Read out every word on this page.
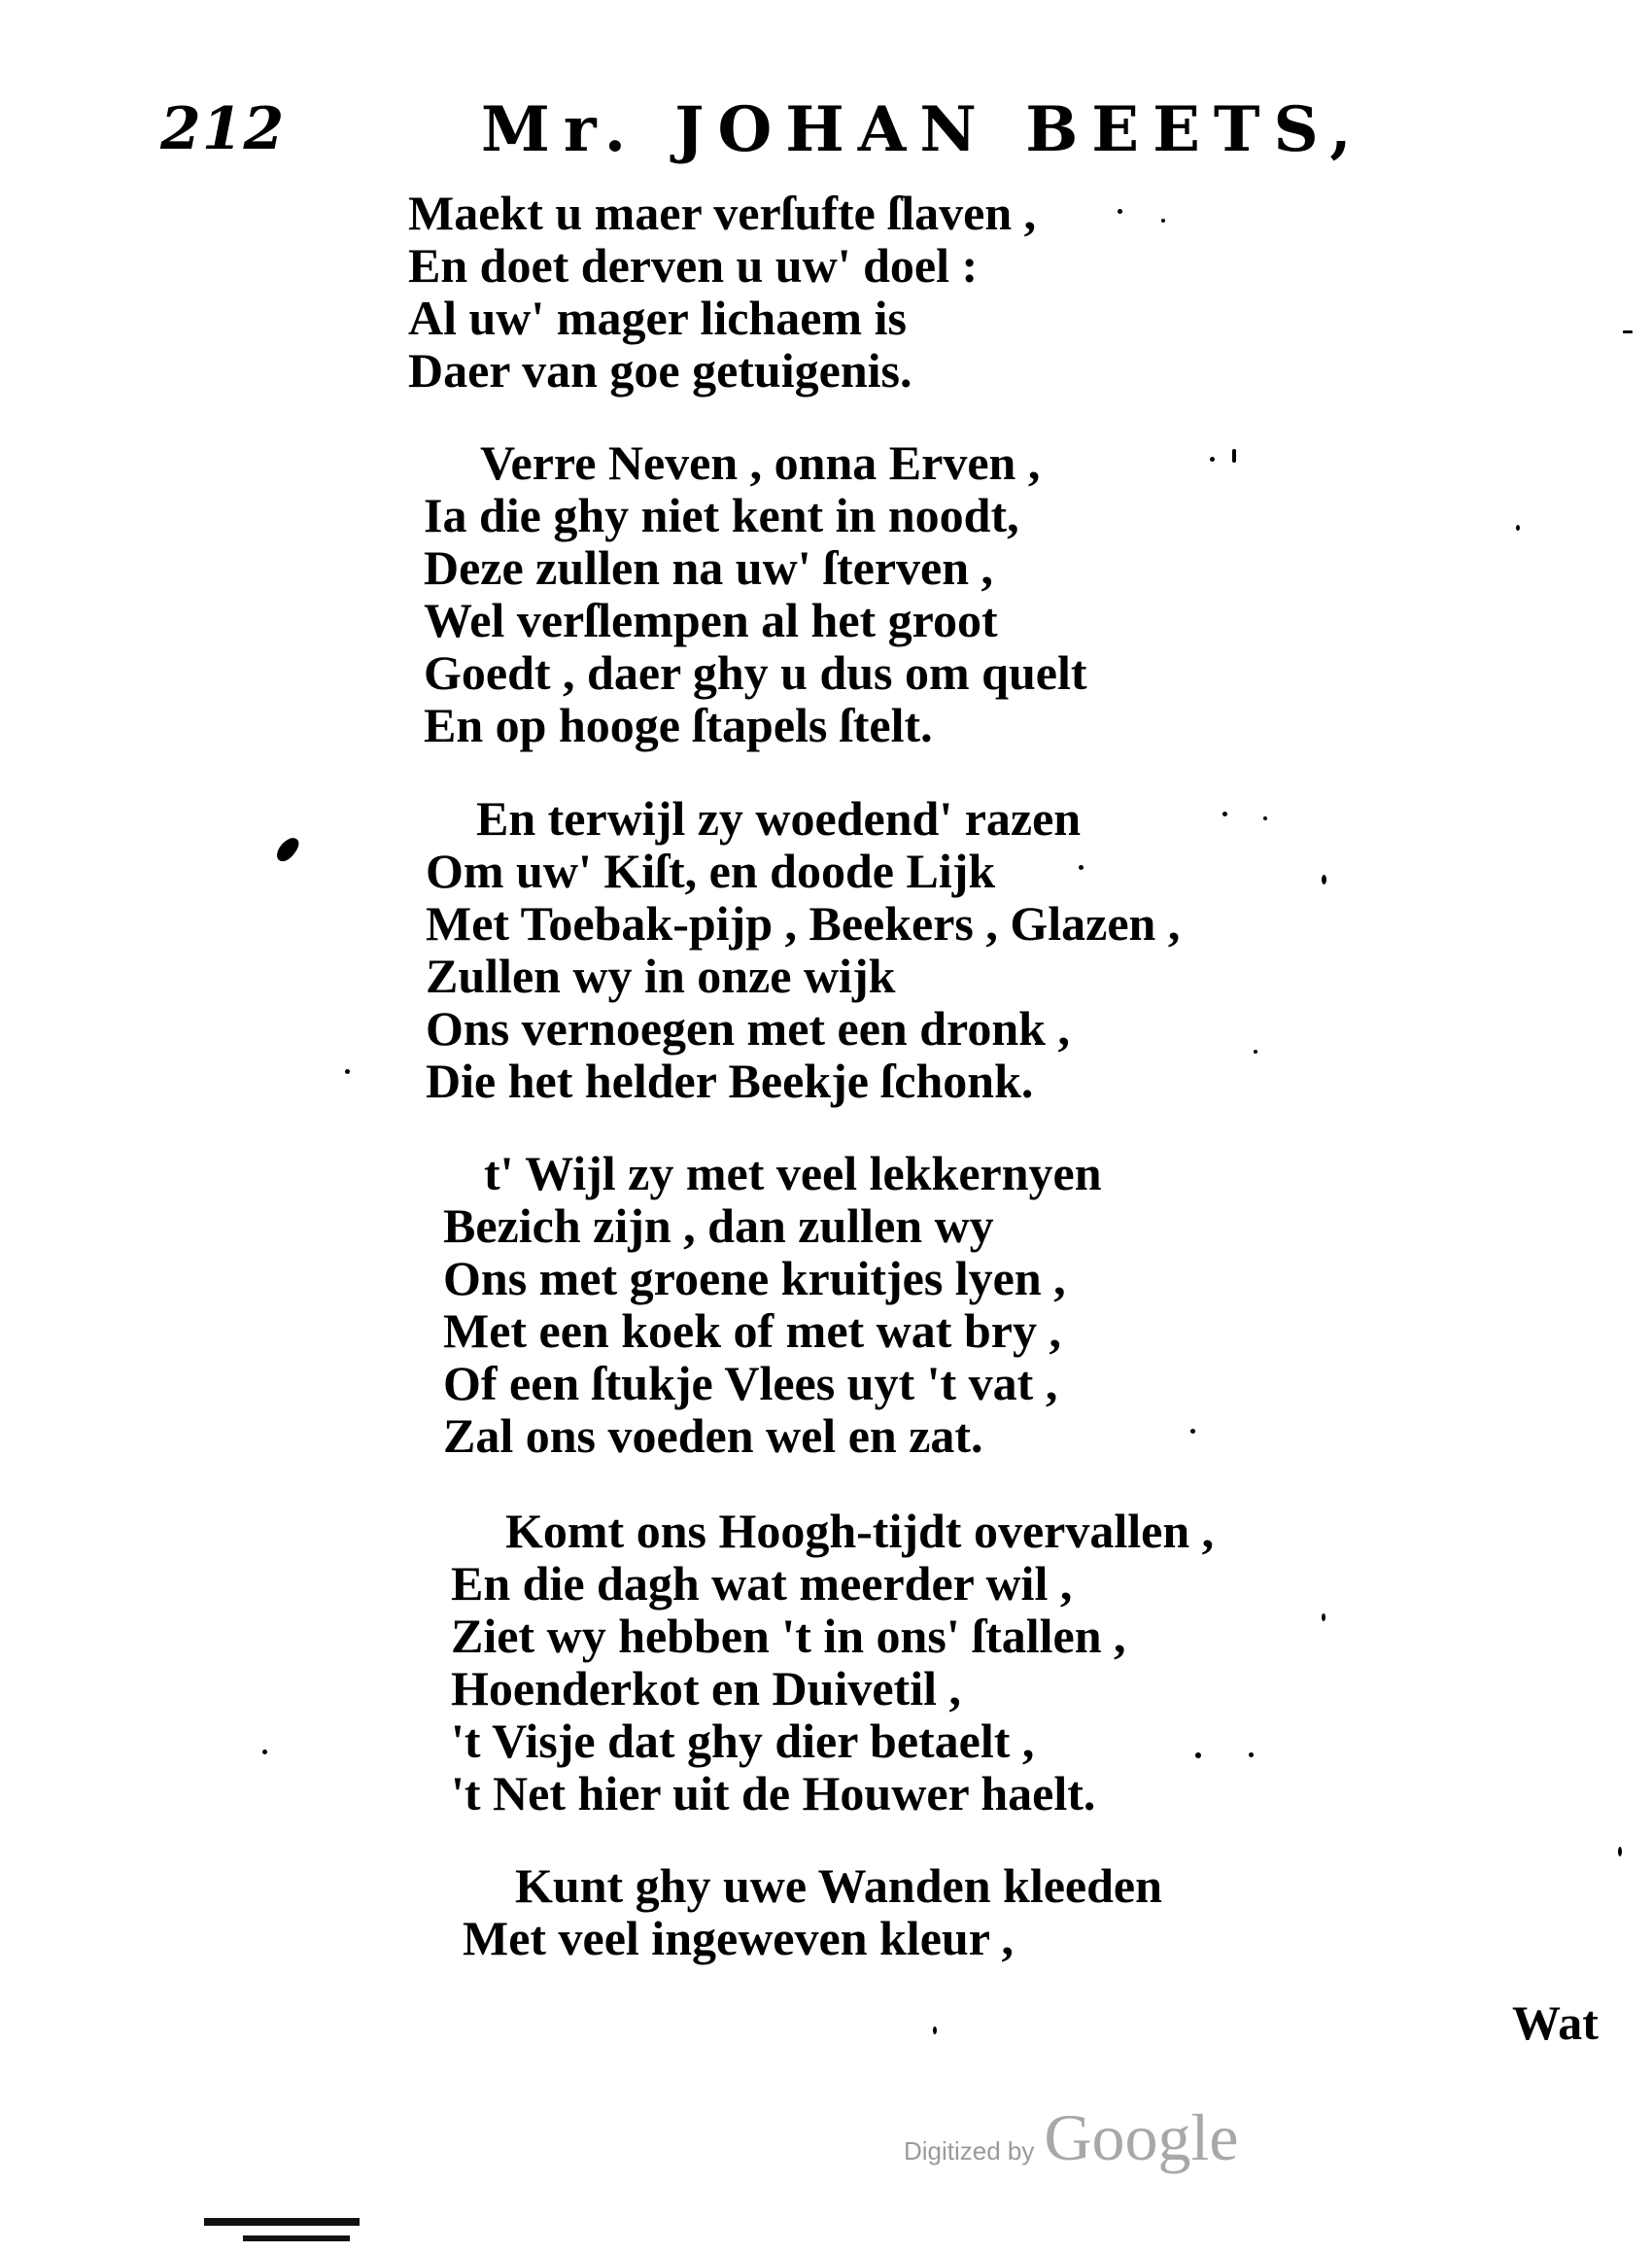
212	Mr. JOHAN BEETS,
Maekt u maer verſufte ſlaven ,
En doet derven u uw' doel :
Al uw' mager lichaem is
Daer van goe getuigenis.
Verre Neven , onna Erven ,
Ia die ghy niet kent in noodt,
Deze zullen na uw' ſterven ,
Wel verſlempen al het groot
Goedt , daer ghy u dus om quelt
En op hooge ſtapels ſtelt.
En terwijl zy woedend' razen
Om uw' Kiſt, en doode Lijk
Met Toebak-pijp , Beekers , Glazen ,
Zullen wy in onze wijk
Ons vernoegen met een dronk ,
Die het helder Beekje ſchonk.
t' Wijl zy met veel lekkernyen
Bezich zijn , dan zullen wy
Ons met groene kruitjes lyen ,
Met een koek of met wat bry ,
Of een ſtukje Vlees uyt 't vat ,
Zal ons voeden wel en zat.
Komt ons Hoogh-tijdt overvallen ,
En die dagh wat meerder wil ,
Ziet wy hebben 't in ons' ſtallen ,
Hoenderkot en Duivetil ,
't Visje dat ghy dier betaelt ,
't Net hier uit de Houwer haelt.
Kunt ghy uwe Wanden kleeden
Met veel ingeweven kleur ,
Wat
Digitized by Google
